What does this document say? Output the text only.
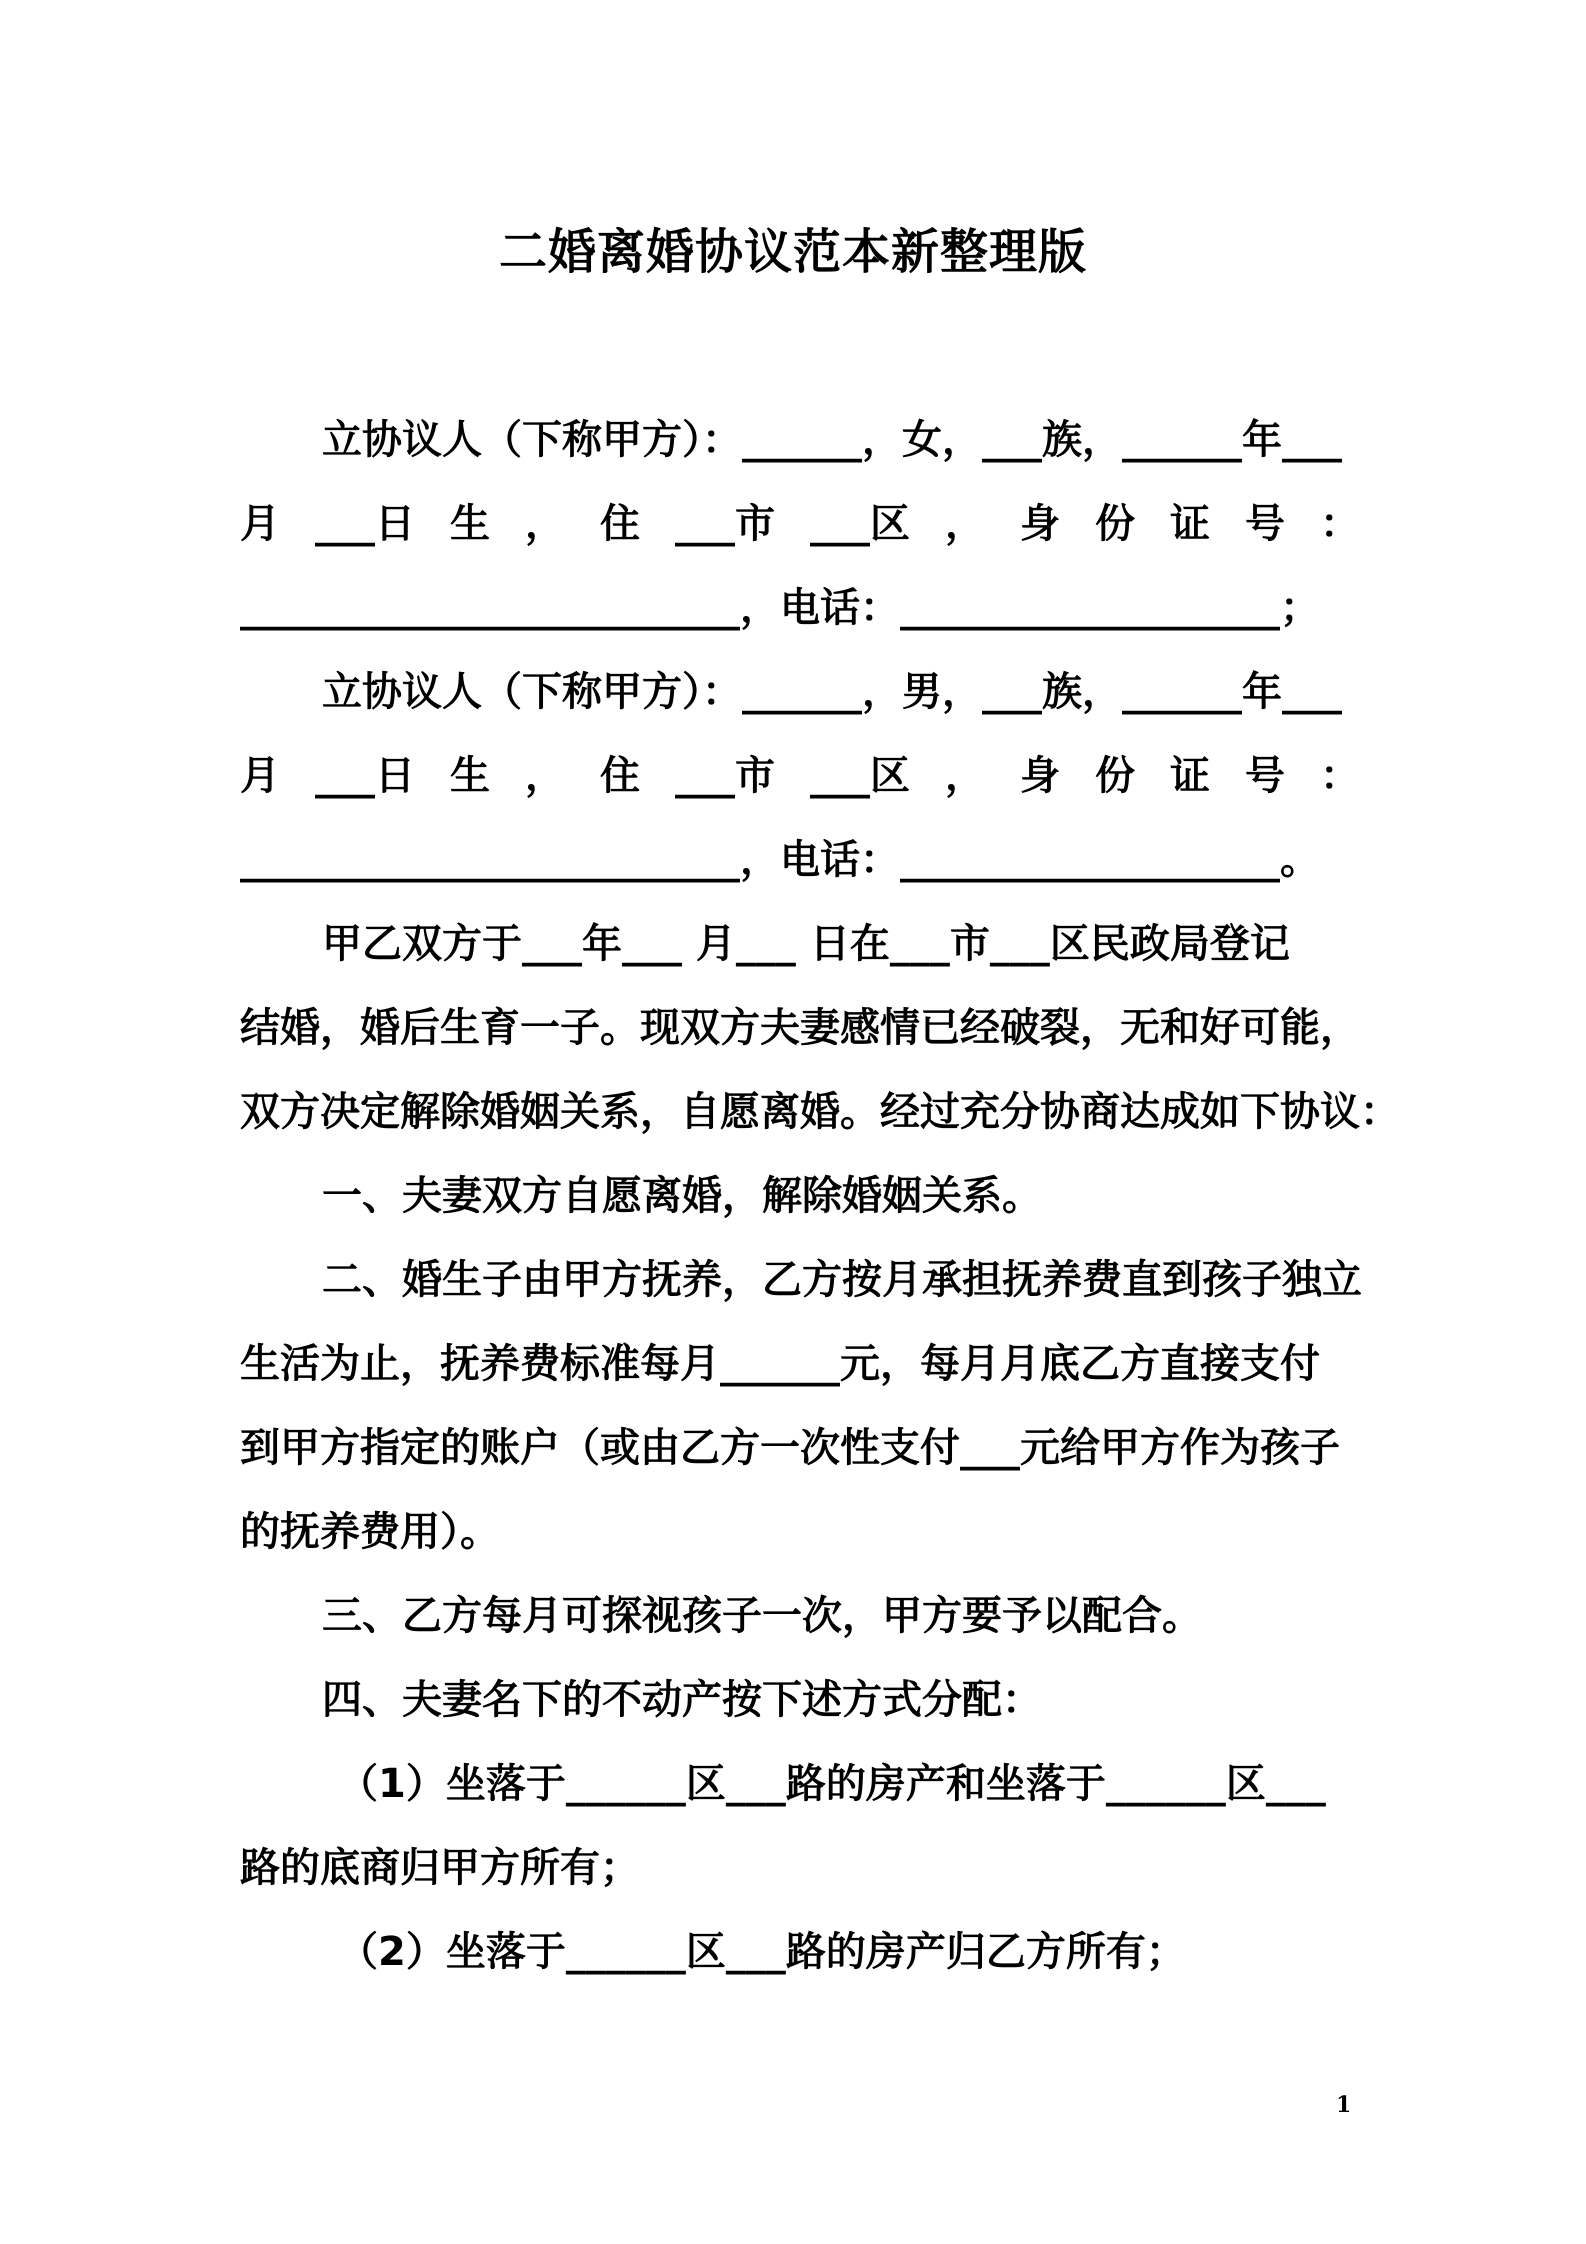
二婚离婚协议范本新整理版

立协议人（下称甲方）：______，女，___族，______年___

月 ___日 生 ， 住 ___市 ___区 ， 身 份 证 号 ：

_________________________，电话：___________________；

立协议人（下称甲方）：______，男，___族，______年___

月 ___日 生 ， 住 ___市 ___区 ， 身 份 证 号 ：

_________________________，电话：___________________。

甲乙双方于___年___ 月___ 日在___市___区民政局登记

结婚，婚后生育一子。现双方夫妻感情已经破裂，无和好可能，

双方决定解除婚姻关系，自愿离婚。经过充分协商达成如下协议：

一、夫妻双方自愿离婚，解除婚姻关系。

二、婚生子由甲方抚养，乙方按月承担抚养费直到孩子独立

生活为止，抚养费标准每月______元，每月月底乙方直接支付

到甲方指定的账户（或由乙方一次性支付___元给甲方作为孩子

的抚养费用）。

三、乙方每月可探视孩子一次，甲方要予以配合。

四、夫妻名下的不动产按下述方式分配：

（1）坐落于______区___路的房产和坐落于______区___

路的底商归甲方所有；

（2）坐落于______区___路的房产归乙方所有；

1
